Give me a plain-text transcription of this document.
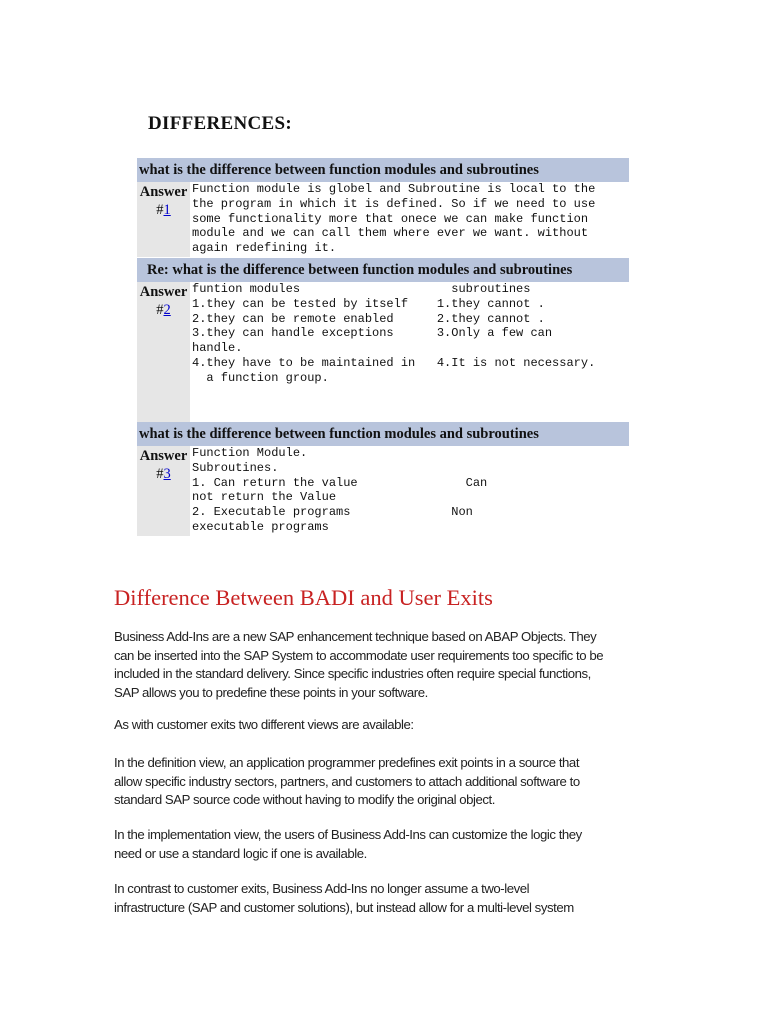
DIFFERENCES:
what is the difference between function modules and subroutines
Answer
#1
Function module is globel and Subroutine is local to the
the program in which it is defined. So if we need to use
some functionality more that onece we can make function
module and we can call them where ever we want. without
again redefining it.
Re: what is the difference between function modules and subroutines
Answer
#2
funtion modules                     subroutines
1.they can be tested by itself    1.they cannot .
2.they can be remote enabled      2.they cannot .
3.they can handle exceptions      3.Only a few can
handle.
4.they have to be maintained in   4.It is not necessary.
a function group.
what is the difference between function modules and subroutines
Answer
#3
Function Module.
Subroutines.
1. Can return the value               Can
not return the Value
2. Executable programs              Non
executable programs
Difference Between BADI and User Exits

Business Add-Ins are a new SAP enhancement technique based on ABAP Objects. They
can be inserted into the SAP System to accommodate user requirements too specific to be
included in the standard delivery. Since specific industries often require special functions,
SAP allows you to predefine these points in your software.

As with customer exits two different views are available:

In the definition view, an application programmer predefines exit points in a source that
allow specific industry sectors, partners, and customers to attach additional software to
standard SAP source code without having to modify the original object.

In the implementation view, the users of Business Add-Ins can customize the logic they
need or use a standard logic if one is available.

In contrast to customer exits, Business Add-Ins no longer assume a two-level
infrastructure (SAP and customer solutions), but instead allow for a multi-level system
